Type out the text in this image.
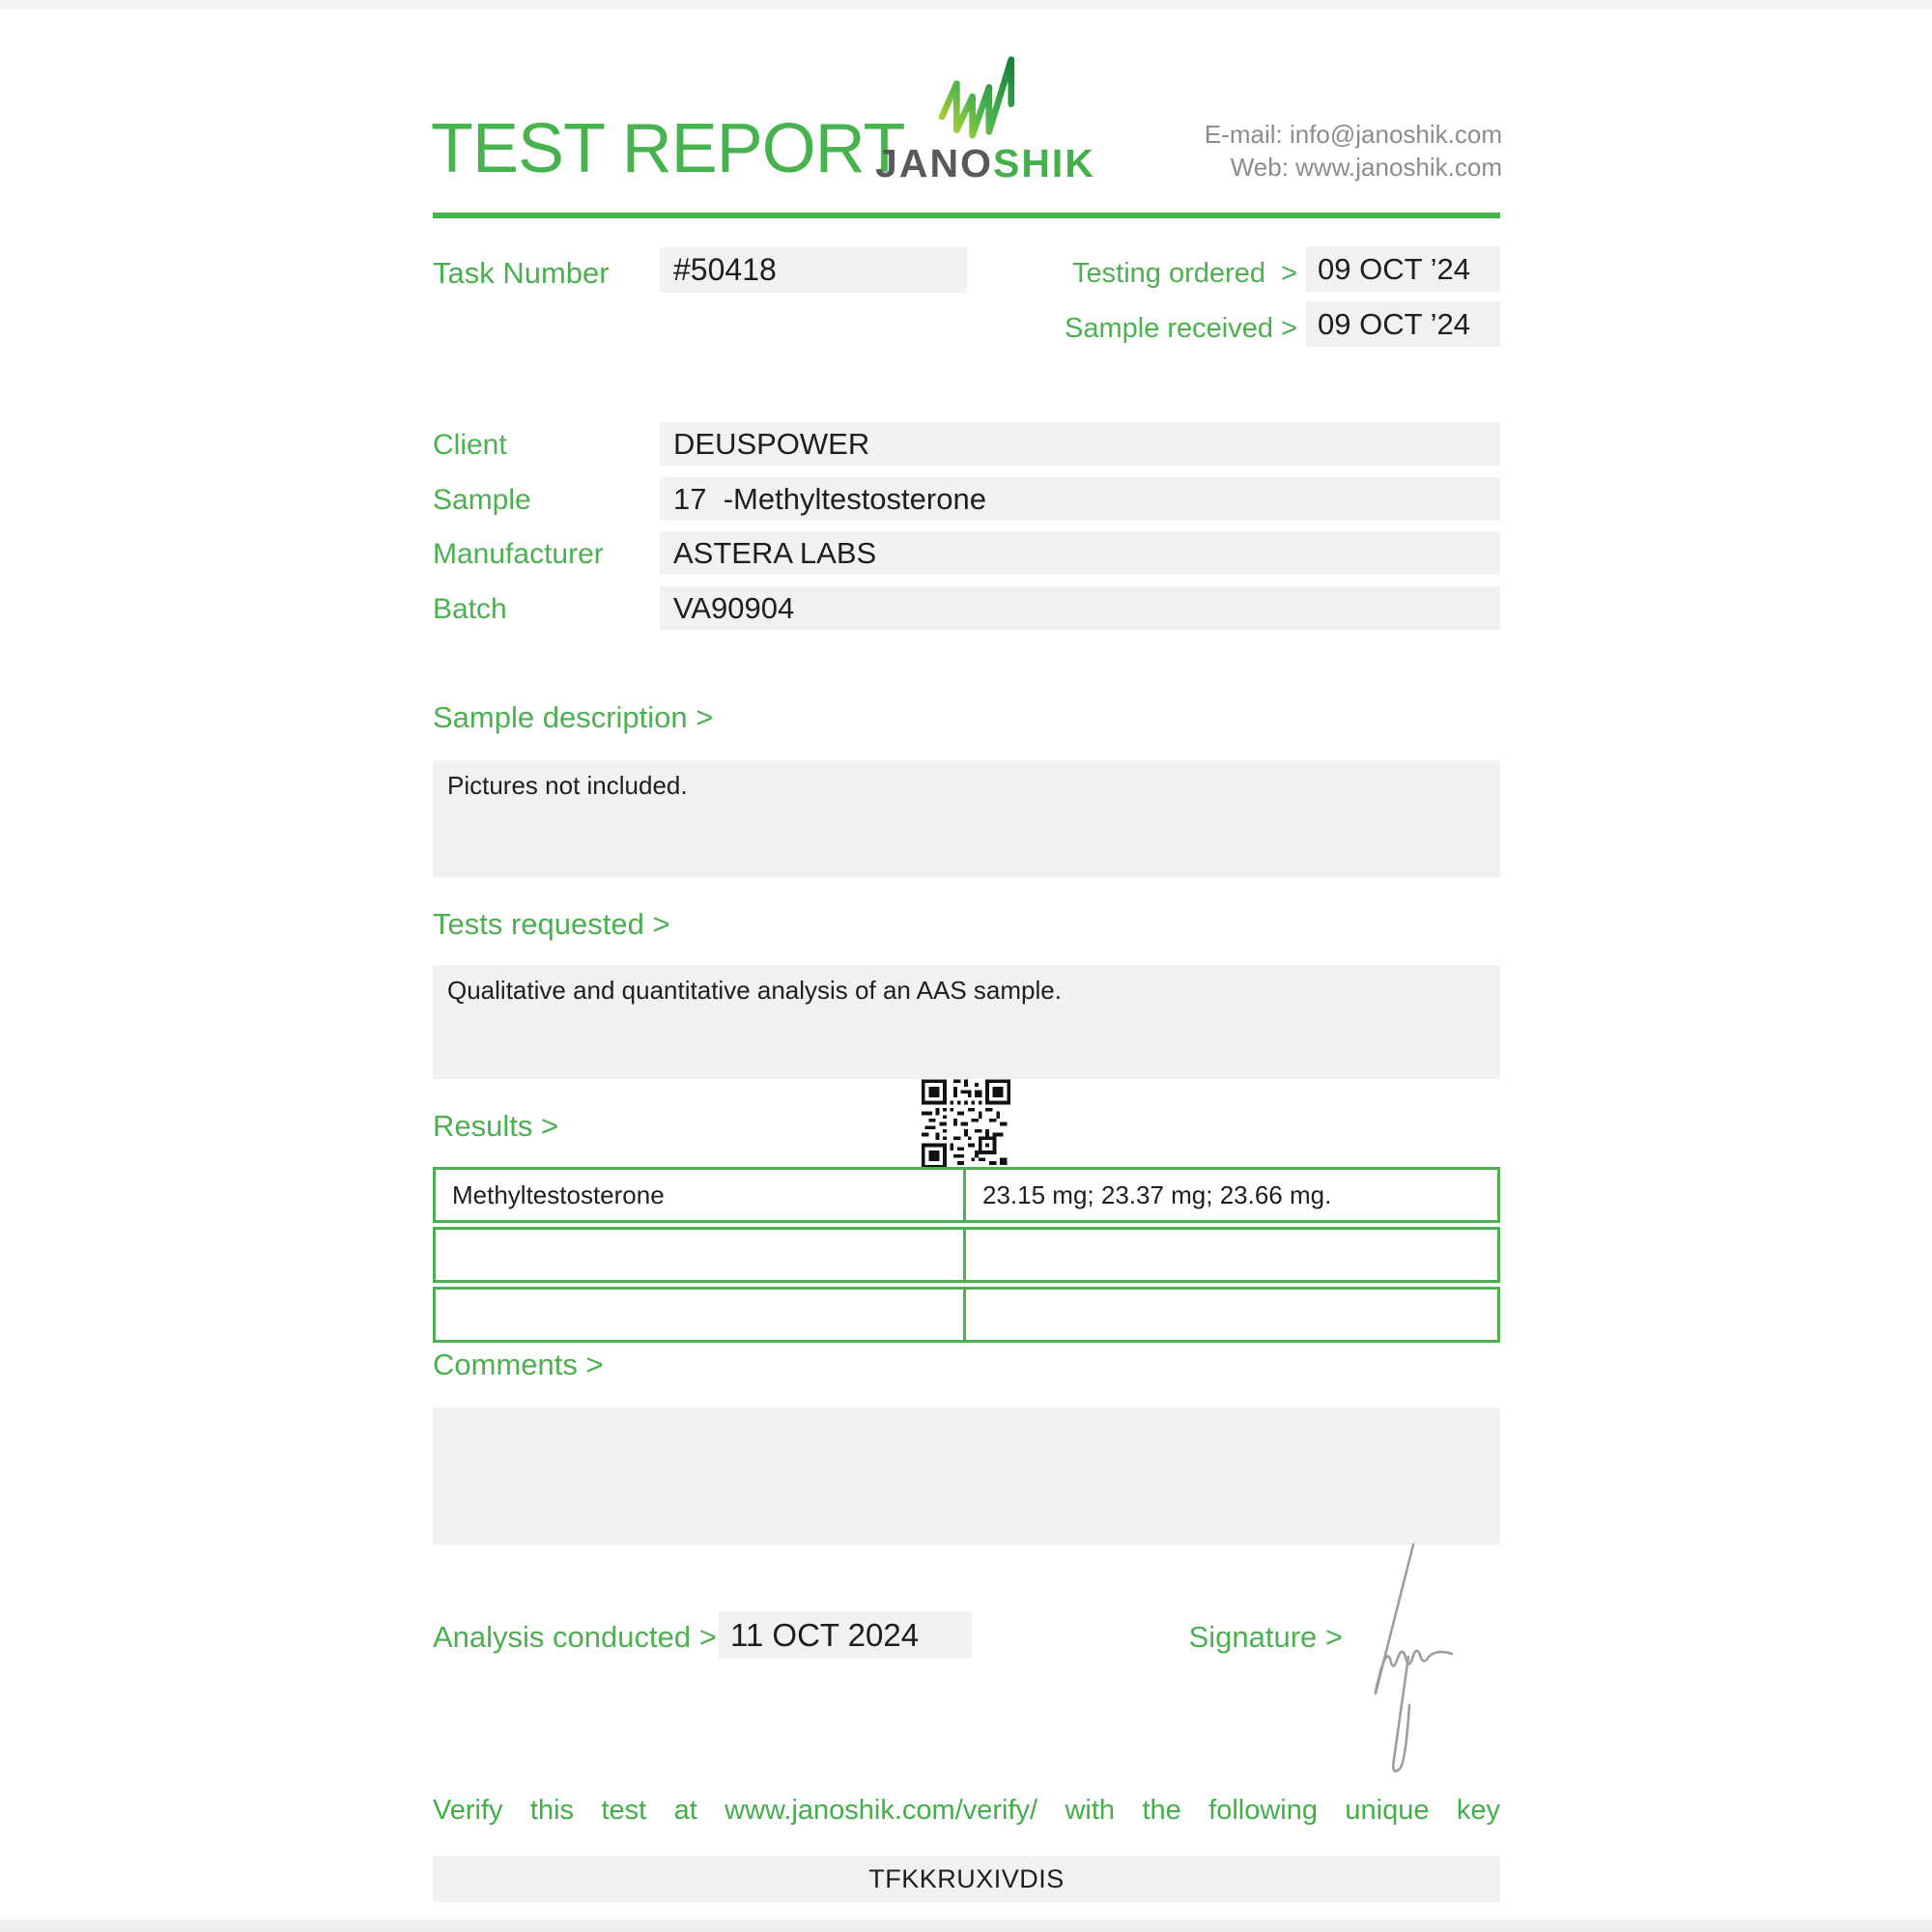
TEST REPORT
JANOSHIK
E-mail: info@janoshik.com
Web: www.janoshik.com
Task Number	#50418	Testing ordered  > 09 OCT ’24
Sample received > 09 OCT ’24
Client	DEUSPOWER
Sample	17  -Methyltestosterone
Manufacturer	ASTERA LABS
Batch	VA90904
Sample description >
Pictures not included.
Tests requested >
Qualitative and quantitative analysis of an AAS sample.
Results >
Methyltestosterone	23.15 mg; 23.37 mg; 23.66 mg.
Comments >
Analysis conducted > 11 OCT 2024	Signature >
Verify this test at www.janoshik.com/verify/ with the following unique key
TFKKRUXIVDIS
